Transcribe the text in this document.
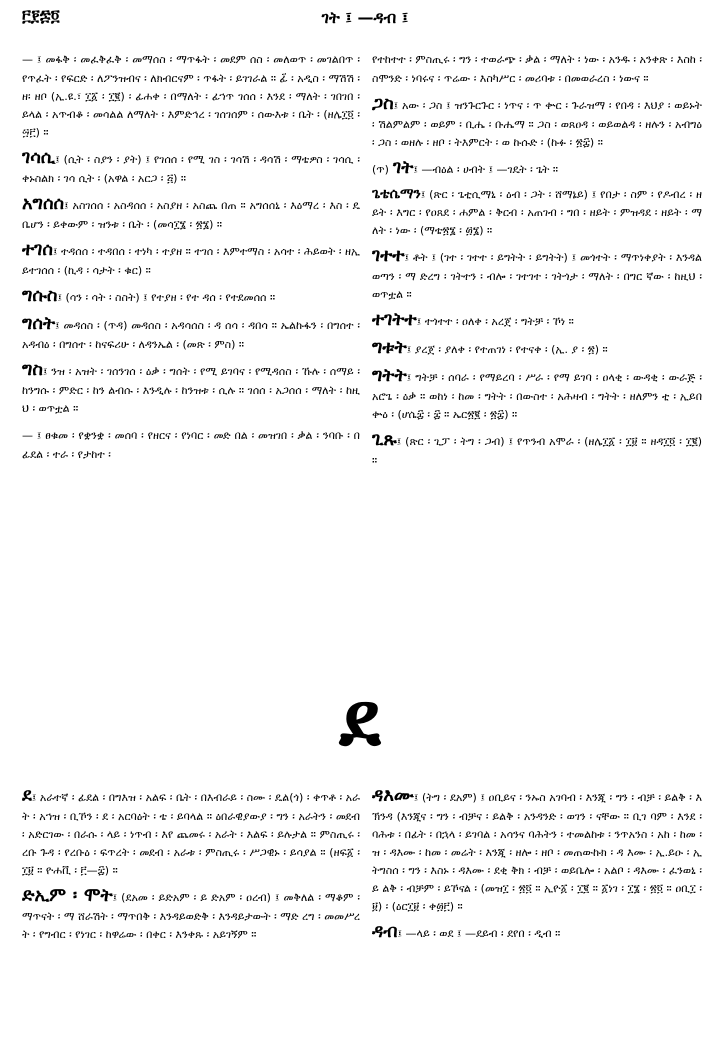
፫፻፷፬	ገት ፤ —ዳብ ፤

— ፤ መፋቅ ፡ መፈቅፈቅ ፡ መማሰስ ፡ ማጥፋት ፡ መደም ሰስ ፡ መለወጥ ፡ መገልበጥ ፡ የጥፈት ፡ የፍርድ ፡ ለፖንዝብና ፡ ለክብርናም ፡ ጥፋት ፡ ይገገራል ። ፊ፟ ፡ አዲስ ፡ ማሽሽ ፡ ዘ፡ ዘቦ (ኢ.ዩ.፣ ፲፩ ፡ ፲፪) ፡ ፊሐቀ ፡ በማለት ፡ ፊኀጥ ገሰሰ ፡ እንደ ፡ ማለት ፡ ገበገበ ፡ ይላል ፡ አጥብቆ ፡ መሳልል ለማለት ፡ እምድኅረ ፡ ገሰገሰም ፡ ሰውእቱ ፡ ቤት ፡ (ዘሌ፲፬ ፡ ፵፫) ።

ገሳሲ፤ (ሲት ፡ ስያን ፡ ያት) ፤ የገሰሰ ፡ የሚ ገስ ፡ ገሳሽ ፡ ዳሳሽ ፡ ማቴዎስ ፡ ገሳሲ ፡ ቀኑስልክ ፡ ገሳ ሲት ፡ (አዋል ፡ አርጋ ፡ ፭) ።

አግሰሰ፤ አስገሰሰ ፡ አስዳሰሰ ፡ አስያዘ ፡ አስጨ በጠ ። አግሰሰኒ ፡ እዕማረ ፡ እስ ፡ ዴቤሆን ፡ ይቀውም ፡ ዝንቱ ፡ ቤት ፡ (መሳ፲፮ ፡ ፳፮) ።

ተገሰ፤ ተዳሰሰ ፡ ተዳበሰ ፡ ተነካ ፡ ተያዘ ። ተገሰ ፡ እምተማስ ፡ አሳተ ፡ ሕይወት ፡ ዘኢይተገሰሰ ፡ (ኪዳ ፡ ሳታት ፡ ቁር) ።

ግሱስ፤ (ሳን ፡ ሳት ፡ ስስት) ፤ የተያዘ ፡ የተ ዳሰ ፡ የተደመሰሰ ።

ግሰት፤ መዳሰስ ፡ (ጥዳ) መዳሰስ ፡ አዳሳሰስ ፡ ዳ ሰሳ ፡ ዳበሳ ። ኤልኩፋን ፡ በግሰተ ፡ አዳብዕ ፡ በግሰተ ፡ ከናፍሪሁ ፡ ለዳንኤል ፡ (መጽ ፡ ምስ) ።

ግስ፤ ንዝ ፡ አዝት ፡ ገሰንገሰ ፡ ዕቃ ፡ ግሰት ፡ የሚ ይገባና ፡ የሚዳሰስ ፡ ኹሉ ፡ ሰማይ ፡ ከንግሱ ፡ ምድር ፡ ከን ልብሱ ፡ እንዲሉ ፡ ከንዝቱ ፡ ሲሉ ። ገሰሰ ፡ አጋሰሰ ፡ ማለት ፡ ከዚህ ፡ ወጥቷል ።

— ፤ ፀቁመ ፡ የቋንቋ ፡ መሰባ ፡ የዘርና ፡ የነባር ፡ መድ በል ፡ መዝገበ ፡ ቃል ፡ ንባቡ ፡ በፊደል ፡ ተራ ፡ የታከተ ፡

የተከተተ ፡ ምስጢሩ ፡ ግን ፡ ተወራጭ ፡ ቃል ፡ ማለት ፡ ነው ፡ አንዱ ፡ አንቀጽ ፡ እስከ ፡ ስሞንድ ፡ ነባሩና ፡ ጥሬው ፡ እስካሥር ፡ መሪባቱ ፡ በመወራረስ ፡ ነውና ።

ጋስ፤ አው ፡ ጋስ ፤ ዝንጉርጉር ፡ ነጥና ፡ ጥ ቍር ፡ ጉራዝማ ፡ የበዳ ፡ እህያ ፡ ወይኑት ፡ ሽልምልም ፡ ወይም ፡ ቢሔ ፡ ቡሔማ ። ጋስ ፡ ወጸዐዳ ፡ ወይወልዳ ፡ ዘሉን ፡ አብግዕ ፡ ጋስ ፡ ወዘሉ ፡ ዘቦ ፡ ትእምርት ፡ ወ ኩሱድ ፡ (ኩፉ ፡ ፳፰) ።

(ጥ) ገት፤ —ብዕል ፡ ሀብት ፤ —ገዴት ፡ ጌት ።

ጌቴሴማን፤ (ጽር ፡ ጌቲሲማኒ ፡ ዕብ ፡ ጋት ፡ ሸማኔይ) ፤ የበታ ፡ ስም ፡ የዶብረ ፡ ዘይት ፡ እግር ፡ የዐጸደ ፡ ሐምል ፡ ቅርብ ፡ አጠገብ ፡ ግበ ፡ ዘይት ፡ ምዝዳደ ፡ ዘይት ፡ ማለት ፡ ነው ፡ (ማቴ፳፮ ፡ ፴፮) ።

ገተተ፤ ቶት ፤ (ገተ ፡ ገተተ ፡ ይግትት ፡ ይግትት) ፤ መጎተት ፡ ማጥነቀያት ፡ እንዳልወጣን ፡ ማ ድረግ ፡ ገትተን ፡ ብሎ ፡ ገተገተ ፡ ገትጎታ ፡ ማለት ፡ በግር ኛው ፡ ከዚህ ፡ ወጥቷል ።

ተገትተ፤ ተጎተተ ፡ ዐለቀ ፡ አረጀ ፡ ግትቻ ፡ ኾነ ።

ግቱት፤ ያረጀ ፡ ያለቀ ፡ የተጠገነ ፡ የተናቀ ፡ (ኢ. ያ ፡ ፳) ።

ግትት፤ ግትቻ ፡ ሰባራ ፡ የማይረባ ፡ ሥራ ፡ የማ ይገባ ፡ ዐላቂ ፡ ውዳቂ ፡ ውራጅ ፡ አሮጌ ፡ ዕቃ ። ወከነ ፡ ከመ ፡ ግትት ፡ በውስተ ፡ አሕዛብ ፡ ግትት ፡ ዘለምን ቲ ፡ ኢይበቍዕ ፡ (ሆሴ፰ ፡ ፰ ። ኤር፳፪ ፡ ፳፰) ።

ጊጹ፤ (ጽር ፡ ጊፓ ፡ ትግ ፡ ጋብ) ፤ የጥንብ አሞራ ፡ (ዘሌ፲፩ ፡ ፲፱ ። ዘዳ፲፬ ፡ ፲፪) ።

ደ

ደ፤ አራተኛ ፡ ፊደል ፡ በግእዝ ፡ አልፍ ፡ ቤት ፡ በእብራይ ፡ ስሙ ፡ ዴል(ጎ) ፡ ቀጥቶ ፡ አራት ፡ አኀዝ ፡ ቢኾን ፡ ደ ፡ አርባዕት ፡ ቴ ፡ ይባላል ። ዕበራዊያውያ ፡ ግን ፡ አራትን ፡ መደብ ፡ አድርገው ፡ በራሱ ፡ ላይ ፡ ነጥብ ፡ እየ ጨመሩ ፡ አራት ፡ እልፍ ፡ ይሉታል ። ምስጢሩ ፡ ረቡ ጉዳ ፡ የረቡዕ ፡ ፍጥረት ፡ መደብ ፡ አራቱ ፡ ምስጢሩ ፡ ሥጋዊኑ ፡ ይሳያል ። (ዘፍ፩ ፡ ፲፱ ። ዮሐቪ ፡ ፫—፰) ።

ድኢም ፡ ሞት፤ (ደአመ ፡ ይድአም ፡ ይ ድአም ፡ ዐረብ) ፤ መቅለል ፡ ማቆም ፡ ማጥናት ፡ ማ ሸራሽት ፡ ማጥበቅ ፡ እንዳይወድቅ ፡ እንዳይታውት ፡ ማድ ረግ ፡ መመሥረት ፡ የግብር ፡ የነገር ፡ ከዋሬው ፡ በቀር ፡ እንቀጹ ፡ አይገኝም ።

ዳእሙ፤ (ትግ ፡ ደአም) ፤ ዐቢይና ፡ ንኡስ አገባብ ፡ እንጂ ፡ ግን ፡ ብቻ ፡ ይልቅ ፡ እኽንዳ (እንጂና ፡ ግን ፡ ብቻና ፡ ይልቅ ፡ አንዳንድ ፡ ወገን ፡ ናቸው ። ቢገ ባም ፡ እንደ ፡ ባሕቱ ፡ በፊት ፡ በኋላ ፡ ይገባል ፡ አሳንና ባሕትን ፡ ተመልከቱ ፡ ንጥአንስ ፡ አከ ፡ ከመ ፡ ዝ ፡ ዳእሙ ፡ ከመ ፡ መሬት ፡ እንጂ ፡ ዘሎ ፡ ዘቦ ፡ መጠውኩክ ፡ ዳ እሙ ፡ ኢ.ይዑ ፡ ኢትግስሰ ፡ ግን ፡ እስኑ ፡ ዳእሙ ፡ ደቂ ቅክ ፡ ብቻ ፡ ወይቤሎ ፡ አልቦ ፡ ዳእሙ ፡ ፈንወኒ ፡ ይ ልቅ ፡ ብቻም ፡ ይኾናል ፡ (መዝ፲ ፡ ፳፬ ። ኢዮ፩ ፡ ፲፪ ። ፩ነገ ፡ ፲፮ ፡ ፳፬ ። ዐቢ፲ ፡ ፱) ፡ (ዕር፲፱ ፡ ቀ፴፫) ።

ዳብ፤ —ላይ ፡ ወደ ፤ —ደይብ ፡ ደየበ ፡ ዲብ ።
